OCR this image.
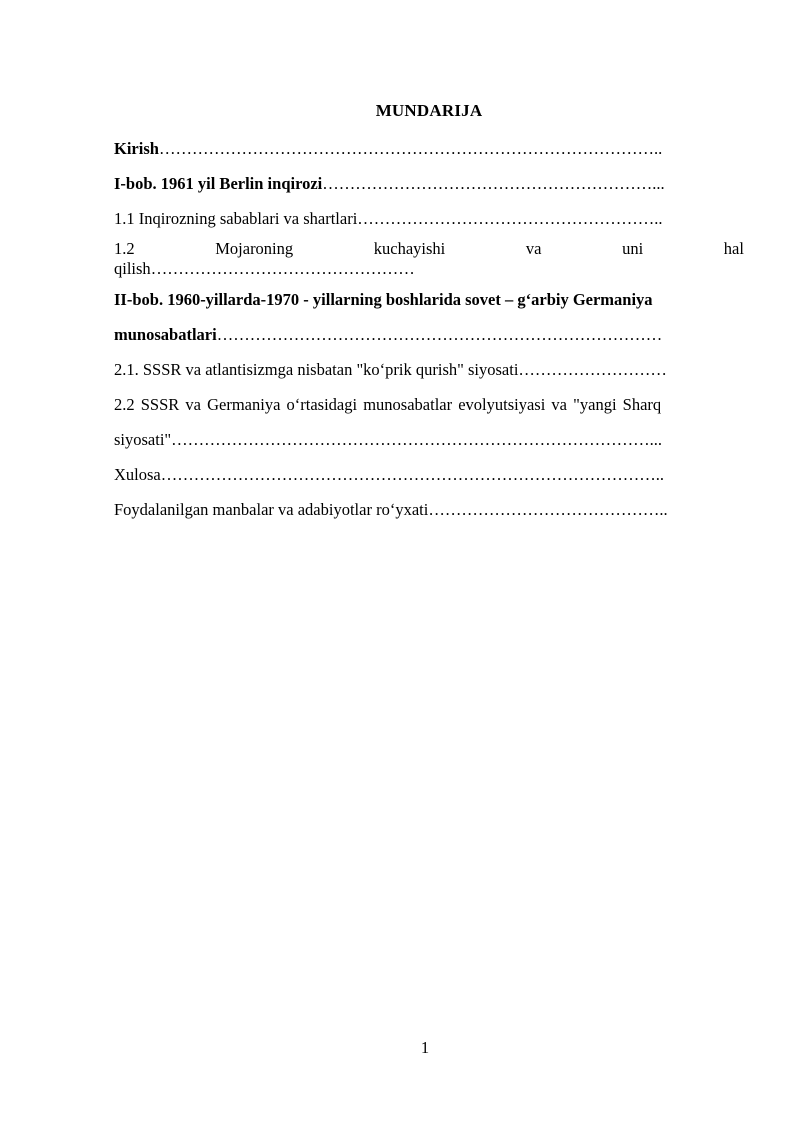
MUNDARIJA
Kirish………………………………………………………………………………..
I-bob. 1961 yil Berlin inqirozi……………………………………………………...
1.1 Inqirozning sabablari va shartlari………………………………………………..
1.2	Mojaroning	kuchayishi	va	uni	hal
qilish…………………………………………
II-bob. 1960-yillarda-1970 - yillarning boshlarida sovet – g‘arbiy Germaniya
munosabatlari………………………………………………………………………
2.1. SSSR va atlantisizmga nisbatan "ko‘prik qurish" siyosati………………………
2.2 SSSR va Germaniya o‘rtasidagi munosabatlar evolyutsiyasi va "yangi Sharq
siyosati"……………………………………………………………………………...
Xulosa………………………………………………………………………………..
Foydalanilgan manbalar va adabiyotlar ro‘yxati……………………………………..
1
